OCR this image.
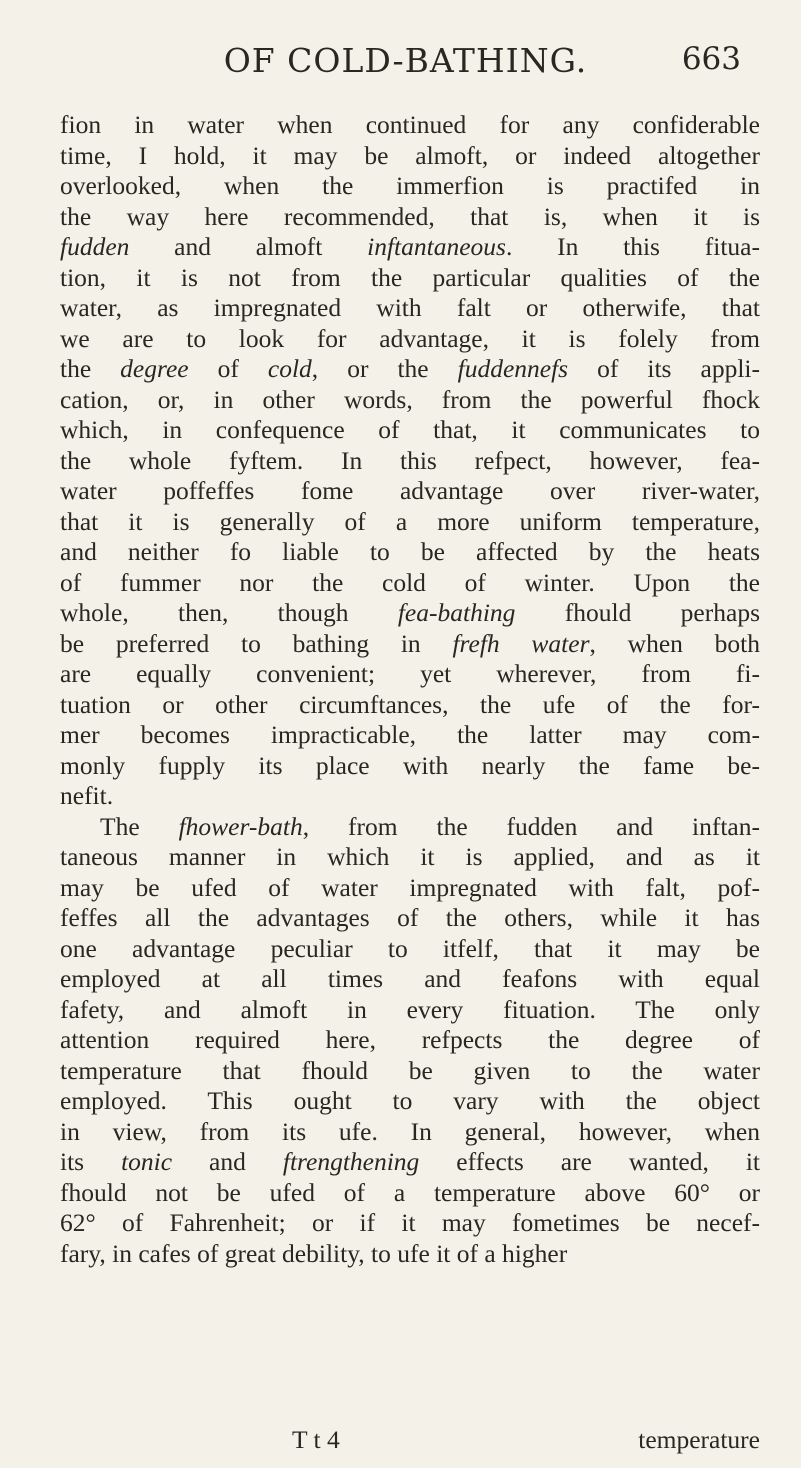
OF COLD-BATHING.	663
fion in water when continued for any confiderable
time, I hold, it may be almoft, or indeed altogether
overlooked, when the immerfion is practifed in
the way here recommended, that is, when it is
fudden and almoft inftantaneous. In this fitua-
tion, it is not from the particular qualities of the
water, as impregnated with falt or otherwife, that
we are to look for advantage, it is folely from
the degree of cold, or the fuddennefs of its appli-
cation, or, in other words, from the powerful fhock
which, in confequence of that, it communicates to
the whole fyftem. In this refpect, however, fea-
water poffeffes fome advantage over river-water,
that it is generally of a more uniform temperature,
and neither fo liable to be affected by the heats
of fummer nor the cold of winter. Upon the
whole, then, though fea-bathing fhould perhaps
be preferred to bathing in frefh water, when both
are equally convenient; yet wherever, from fi-
tuation or other circumftances, the ufe of the for-
mer becomes impracticable, the latter may com-
monly fupply its place with nearly the fame be-
nefit.
The fhower-bath, from the fudden and inftan-
taneous manner in which it is applied, and as it
may be ufed of water impregnated with falt, pof-
feffes all the advantages of the others, while it has
one advantage peculiar to itfelf, that it may be
employed at all times and feafons with equal
fafety, and almoft in every fituation. The only
attention required here, refpects the degree of
temperature that fhould be given to the water
employed. This ought to vary with the object
in view, from its ufe. In general, however, when
its tonic and ftrengthening effects are wanted, it
fhould not be ufed of a temperature above 60° or
62° of Fahrenheit; or if it may fometimes be necef-
fary, in cafes of great debility, to ufe it of a higher
T t 4	temperature
